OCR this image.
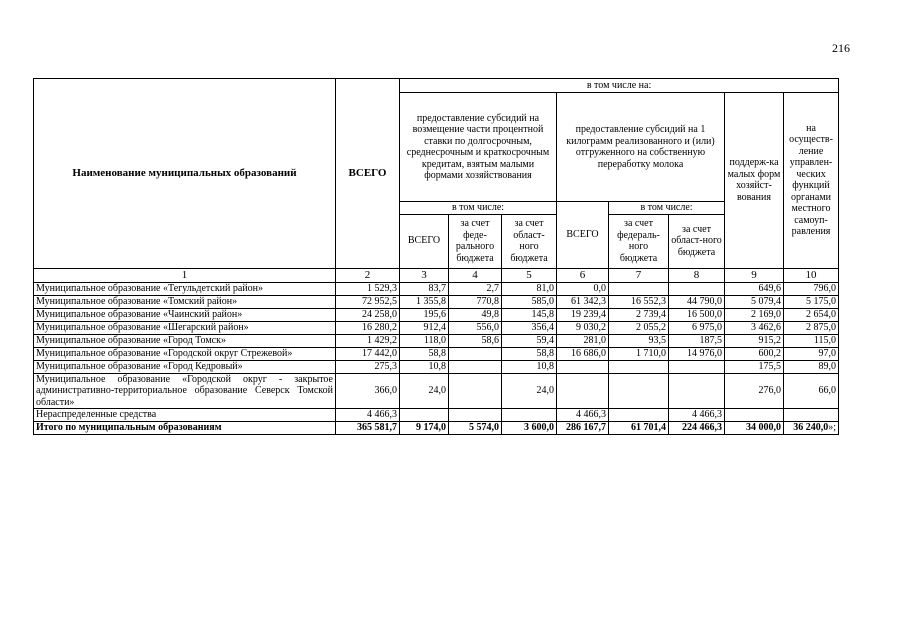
216
Наименование муниципальных образований	ВСЕГО	в том числе на:							
		предоставление субсидий на возмещение части процентной ставки по долгосрочным, среднесрочным и краткосрочным кредитам, взятым малыми формами хозяйствования			предоставление субсидий на 1 килограмм реализованного и (или) отгруженного на собственную переработку молока			поддерж-ка малых форм хозяйст-вования	на осуществ-ление управлен-ческих функций органами местного самоуп-равления
		в том числе:			ВСЕГО	в том числе:			
		ВСЕГО	за счет феде-рального бюджета	за счет област-ного бюджета		за счет федераль-ного бюджета	за счет област-ного бюджета		
1	2	3	4	5	6	7	8	9	10
Муниципальное образование «Тегульдетский район»	1 529,3	83,7	2,7	81,0	0,0			649,6	796,0
Муниципальное образование «Томский район»	72 952,5	1 355,8	770,8	585,0	61 342,3	16 552,3	44 790,0	5 079,4	5 175,0
Муниципальное образование «Чаинский район»	24 258,0	195,6	49,8	145,8	19 239,4	2 739,4	16 500,0	2 169,0	2 654,0
Муниципальное образование «Шегарский район»	16 280,2	912,4	556,0	356,4	9 030,2	2 055,2	6 975,0	3 462,6	2 875,0
Муниципальное образование «Город Томск»	1 429,2	118,0	58,6	59,4	281,0	93,5	187,5	915,2	115,0
Муниципальное образование «Городской округ Стрежевой»	17 442,0	58,8		58,8	16 686,0	1 710,0	14 976,0	600,2	97,0
Муниципальное образование «Город Кедровый»	275,3	10,8		10,8				175,5	89,0
Муниципальное образование «Городской округ - закрытое административно-территориальное образование Северск Томской области»	366,0	24,0		24,0				276,0	66,0
Нераспределенные средства	4 466,3				4 466,3		4 466,3		
Итого по муниципальным образованиям	365 581,7	9 174,0	5 574,0	3 600,0	286 167,7	61 701,4	224 466,3	34 000,0	36 240,0»;
